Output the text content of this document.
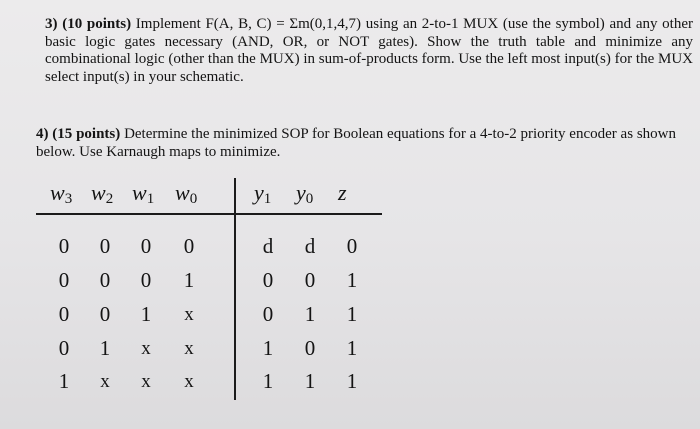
3) (10 points) Implement F(A, B, C) = Σm(0,1,4,7) using an 2-to-1 MUX (use the symbol) and any other basic logic gates necessary (AND, OR, or NOT gates). Show the truth table and minimize any combinational logic (other than the MUX) in sum-of-products form. Use the left most input(s) for the MUX select input(s) in your schematic.
4) (15 points) Determine the minimized SOP for Boolean equations for a 4-to-2 priority encoder as shown below. Use Karnaugh maps to minimize.
$w_3$ $w_2$ $w_1$ $w_0$	$y_1$ $y_0$ z
0 0 0 0	d d 0
0 0 0 1	0 0 1
0 0 1 x	0 1 1
0 1 x x	1 0 1
1 x x x	1 1 1
